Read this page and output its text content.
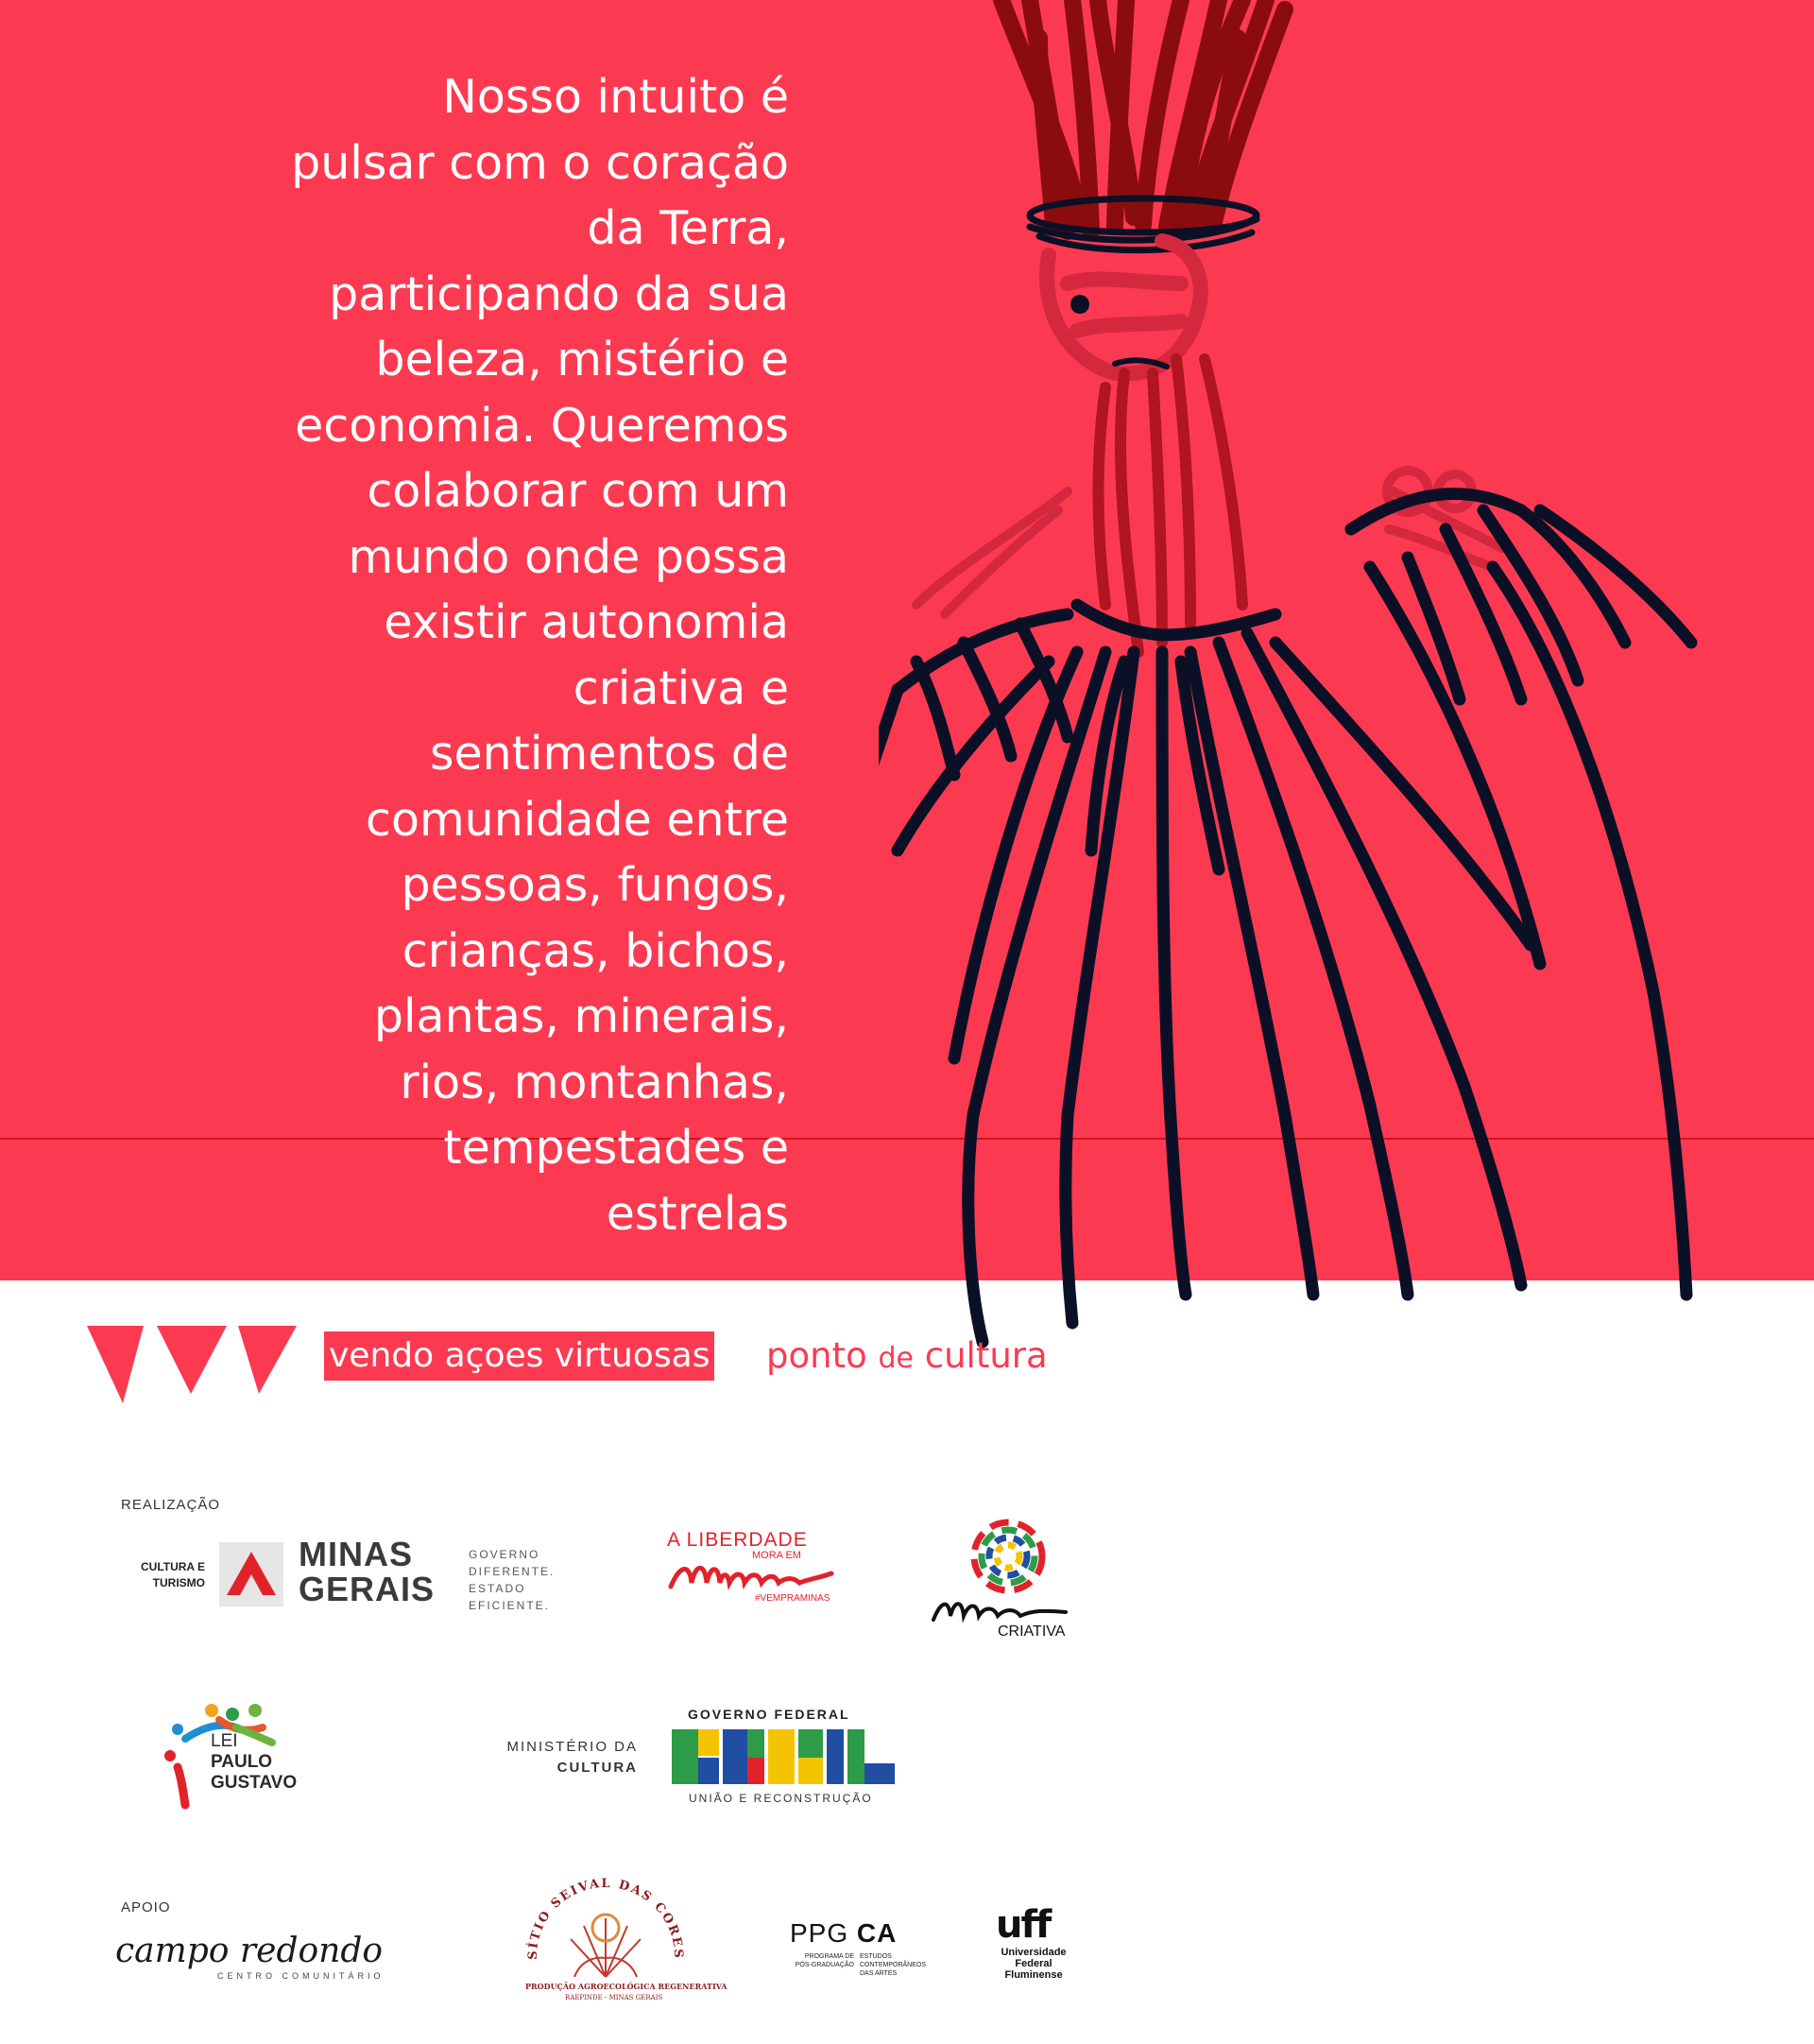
Nosso intuito é
pulsar com o coração
da Terra,
participando da sua
beleza, mistério e
economia. Queremos
colaborar com um
mundo onde possa
existir autonomia
criativa e
sentimentos de
comunidade entre
pessoas, fungos,
crianças, bichos,
plantas, minerais,
rios, montanhas,
tempestades e
estrelas

vendo açoes virtuosas ponto de cultura
REALIZAÇÃO
CULTURA E
TURISMO
MINAS
GERAIS
GOVERNO
DIFERENTE.
ESTADO
EFICIENTE.
A LIBERDADE
MORA EM
#VEMPRAMINAS
CRIATIVA
LEI
PAULO
GUSTAVO
MINISTÉRIO DA
CULTURA
GOVERNO FEDERAL
UNIÃO E RECONSTRUÇÃO
APOIO
campo redondo
CENTRO COMUNITÁRIO
SÍTIO SEIVAL DAS CORES
PRODUÇÃO AGROECOLÓGICA REGENERATIVA
RAEPINDE - MINAS GERAIS
PPG CA
PROGRAMA DE
PÓS-GRADUAÇÃO
ESTUDOS
CONTEMPORÂNEOS
DAS ARTES
uff
Universidade
Federal
Fluminense
